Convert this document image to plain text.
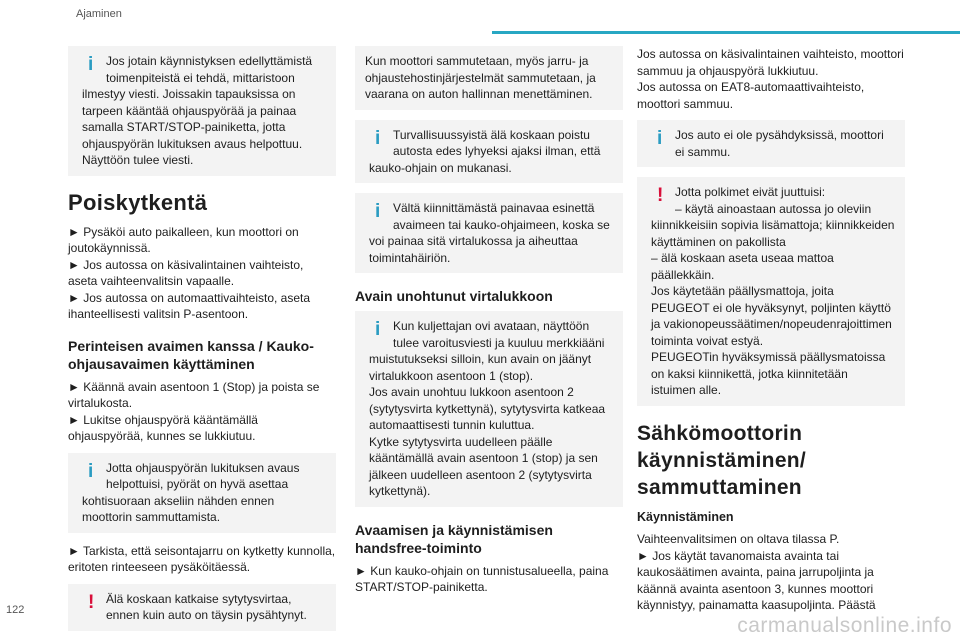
Ajaminen
i	Jos jotain käynnistyksen edellyttämistä

toimenpiteistä ei tehdä, mittaristoon

ilmestyy viesti. Joissakin tapauksissa on tarpeen kääntää ohjauspyörää ja painaa samalla START/STOP-painiketta, jotta ohjauspyörän lukituksen avaus helpottuu. Näyttöön tulee viesti.

Poiskytkentä

► Pysäköi auto paikalleen, kun moottori on joutokäynnissä.
► Jos autossa on käsivalintainen vaihteisto, aseta vaihteenvalitsin vapaalle.
► Jos autossa on automaattivaihteisto, aseta ihanteellisesti valitsin P-asentoon.

Perinteisen avaimen kanssa / Kauko-ohjausavaimen käyttäminen

► Käännä avain asentoon 1 (Stop) ja poista se virtalukosta.
► Lukitse ohjauspyörä kääntämällä ohjauspyörää, kunnes se lukkiutuu.

i	Jotta ohjauspyörän lukituksen avaus

helpottuisi, pyörät on hyvä asettaa

kohtisuoraan akseliin nähden ennen moottorin sammuttamista.

► Tarkista, että seisontajarru on kytketty kunnolla, eritoten rinteeseen pysäköitäessä.

! Älä koskaan katkaise sytytysvirtaa,

ennen kuin auto on täysin pysähtynyt.

Kun moottori sammutetaan, myös jarru- ja ohjaustehostinjärjestelmät sammutetaan, ja vaarana on auton hallinnan menettäminen.

i	Turvallisuussyistä älä koskaan poistu

autosta edes lyhyeksi ajaksi ilman, että

kauko-ohjain on mukanasi.

i	Vältä kiinnittämästä painavaa esinettä

avaimeen tai kauko-ohjaimeen, koska se

voi painaa sitä virtalukossa ja aiheuttaa toimintahäiriön.

Avain unohtunut virtalukkoon
i	Kun kuljettajan ovi avataan, näyttöön

tulee varoitusviesti ja kuuluu merkkiääni

muistutukseksi silloin, kun avain on jäänyt virtalukkoon asentoon 1 (stop).
Jos avain unohtuu lukkoon asentoon 2 (sytytysvirta kytkettynä), sytytysvirta katkeaa automaattisesti tunnin kuluttua.
Kytke sytytysvirta uudelleen päälle kääntämällä avain asentoon 1 (stop) ja sen jälkeen uudelleen asentoon 2 (sytytysvirta kytkettynä).

Avaamisen ja käynnistämisen handsfree-toiminto

► Kun kauko-ohjain on tunnistusalueella, paina START/STOP-painiketta.

Jos autossa on käsivalintainen vaihteisto, moottori sammuu ja ohjauspyörä lukkiutuu.
Jos autossa on EAT8-automaattivaihteisto, moottori sammuu.

i	Jos auto ei ole pysähdyksissä, moottori

ei sammu.

! Jotta polkimet eivät juuttuisi:

– käytä ainoastaan autossa jo oleviin

kiinnikkeisiin sopivia lisämattoja; kiinnikkeiden käyttäminen on pakollista
– älä koskaan aseta useaa mattoa päällekkäin.
Jos käytetään päällysmattoja, joita PEUGEOT ei ole hyväksynyt, poljinten käyttö ja vakionopeussäätimen/nopeudenrajoittimen toiminta voivat estyä.
PEUGEOTin hyväksymissä päällysmatoissa on kaksi kiinnikettä, jotka kiinnitetään istuimen alle.

Sähkömoottorin käynnistäminen/ sammuttaminen
Käynnistäminen

Vaihteenvalitsimen on oltava tilassa P.
► Jos käytät tavanomaista avainta tai kaukosäätimen avainta, paina jarrupoljinta ja käännä avainta asentoon 3, kunnes moottori käynnistyy, painamatta kaasupoljinta. Päästä

122
carmanualsonline.info
